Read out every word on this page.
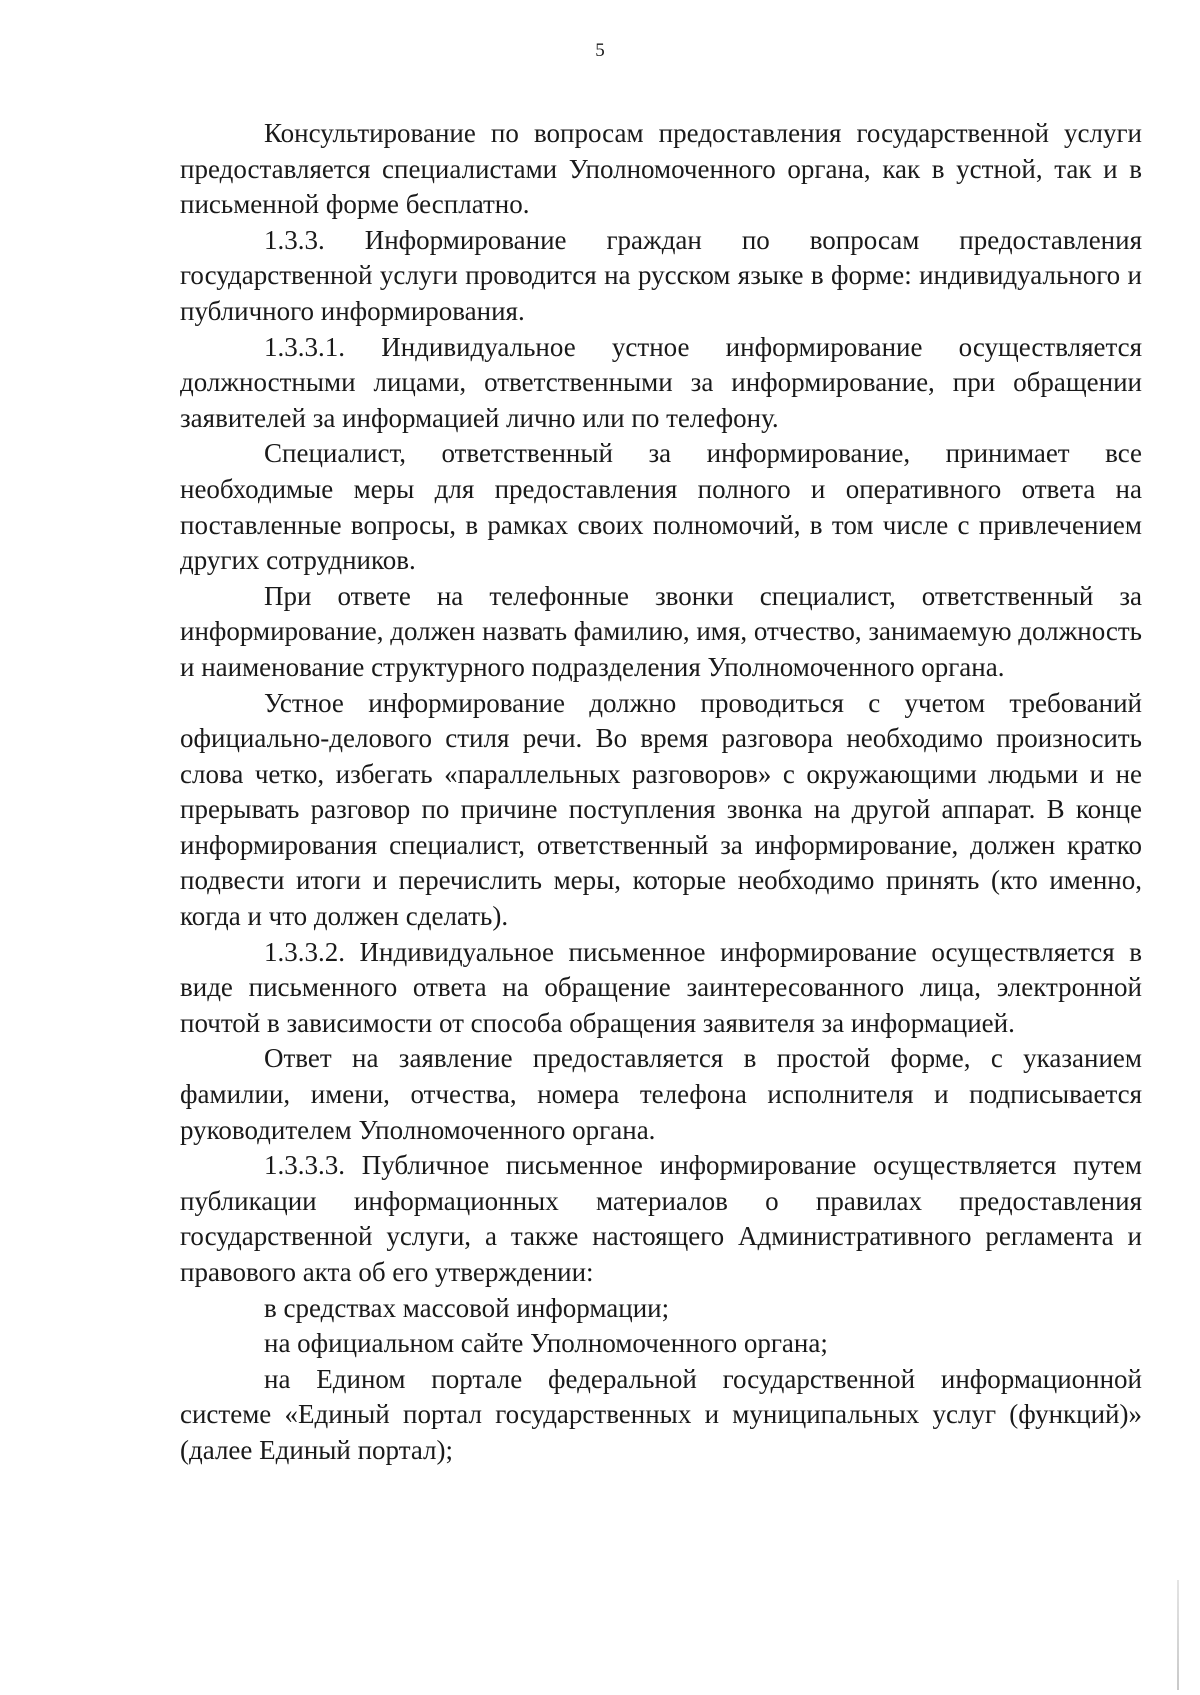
5

Консультирование по вопросам предоставления государственной услуги предоставляется специалистами Уполномоченного органа, как в устной, так и в письменной форме бесплатно.

1.3.3. Информирование граждан по вопросам предоставления государственной услуги проводится на русском языке в форме: индивидуального и публичного информирования.

1.3.3.1. Индивидуальное устное информирование осуществляется должностными лицами, ответственными за информирование, при обращении заявителей за информацией лично или по телефону.

Специалист, ответственный за информирование, принимает все необходимые меры для предоставления полного и оперативного ответа на поставленные вопросы, в рамках своих полномочий, в том числе с привлечением других сотрудников.

При ответе на телефонные звонки специалист, ответственный за информирование, должен назвать фамилию, имя, отчество, занимаемую должность и наименование структурного подразделения Уполномоченного органа.

Устное информирование должно проводиться с учетом требований официально-делового стиля речи. Во время разговора необходимо произносить слова четко, избегать «параллельных разговоров» с окружающими людьми и не прерывать разговор по причине поступления звонка на другой аппарат. В конце информирования специалист, ответственный за информирование, должен кратко подвести итоги и перечислить меры, которые необходимо принять (кто именно, когда и что должен сделать).

1.3.3.2. Индивидуальное письменное информирование осуществляется в виде письменного ответа на обращение заинтересованного лица, электронной почтой в зависимости от способа обращения заявителя за информацией.

Ответ на заявление предоставляется в простой форме, с указанием фамилии, имени, отчества, номера телефона исполнителя и подписывается руководителем Уполномоченного органа.

1.3.3.3. Публичное письменное информирование осуществляется путем публикации информационных материалов о правилах предоставления государственной услуги, а также настоящего Административного регламента и правового акта об его утверждении:

в средствах массовой информации;

на официальном сайте Уполномоченного органа;

на Едином портале федеральной государственной информационной системе «Единый портал государственных и муниципальных услуг (функций)» (далее Единый портал);
